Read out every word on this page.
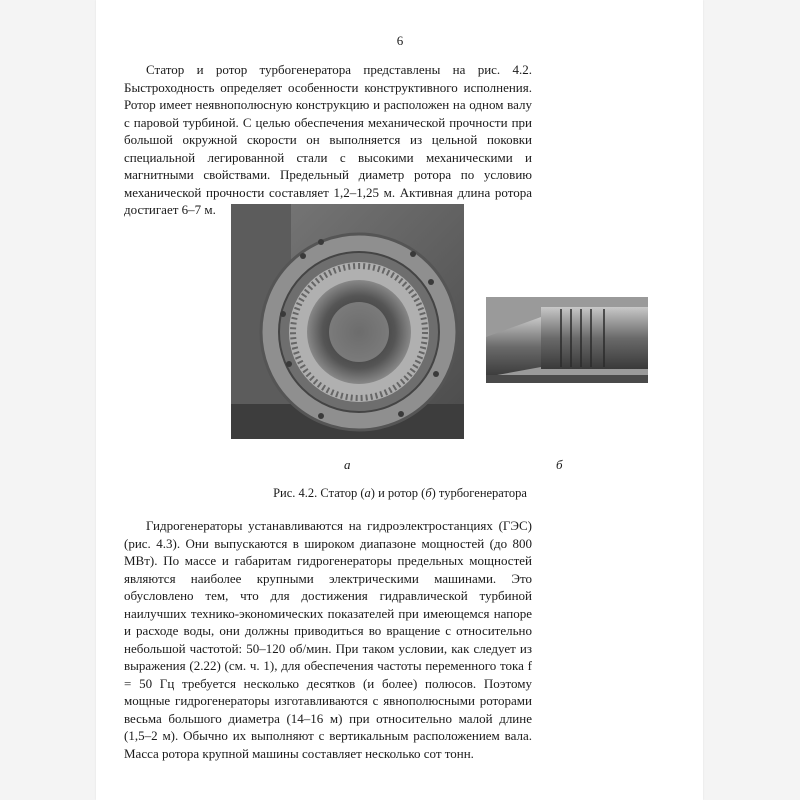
6

Статор и ротор турбогенератора представлены на рис. 4.2. Быстроходность определяет особенности конструктивного исполнения. Ротор имеет неявнополюсную конструкцию и расположен на одном валу с паровой турбиной. С целью обеспечения механической прочности при большой окружной скорости он выполняется из цельной поковки специальной легированной стали с высокими механическими и магнитными свойствами. Предельный диаметр ротора по условию механической прочности составляет 1,2–1,25 м. Активная длина ротора достигает 6–7 м.

а	б
Рис. 4.2. Статор (а) и ротор (б) турбогенератора

Гидрогенераторы устанавливаются на гидроэлектростанциях (ГЭС) (рис. 4.3). Они выпускаются в широком диапазоне мощностей (до 800 МВт). По массе и габаритам гидрогенераторы предельных мощностей являются наиболее крупными электрическими машинами. Это обусловлено тем, что для достижения гидравлической турбиной наилучших технико-экономических показателей при имеющемся напоре и расходе воды, они должны приводиться во вращение с относительно небольшой частотой: 50–120 об/мин. При таком условии, как следует из выражения (2.22) (см. ч. 1), для обеспечения частоты переменного тока f = 50 Гц требуется несколько десятков (и более) полюсов. Поэтому мощные гидрогенераторы изготавливаются с явнополюсными роторами весьма большого диаметра (14–16 м) при относительно малой длине (1,5–2 м). Обычно их выполняют с вертикальным расположением вала. Масса ротора крупной машины составляет несколько сот тонн.
